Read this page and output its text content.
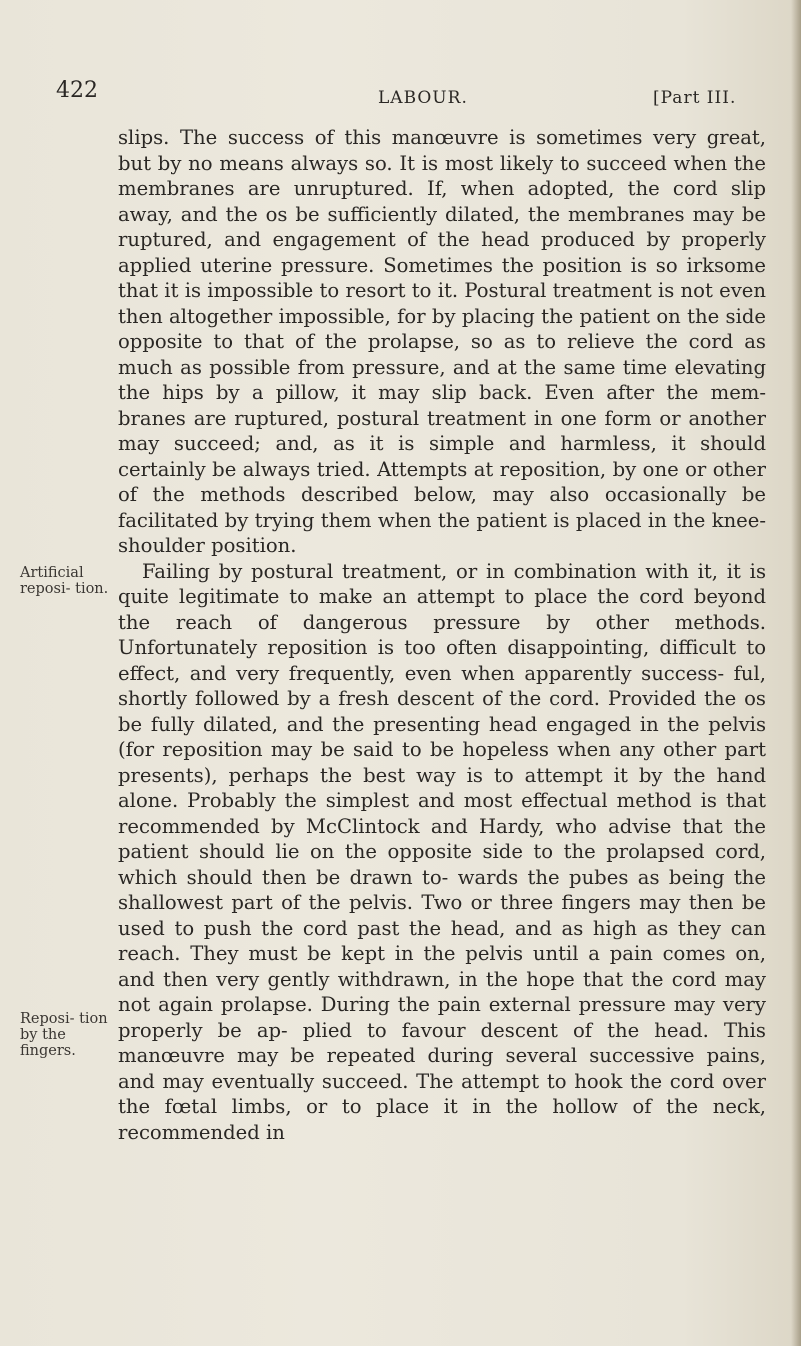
422	LABOUR.	[Part III.
Artificial reposi- tion.
Reposi- tion by the fingers.

slips. The success of this manœuvre is sometimes very great, but by no means always so. It is most likely to succeed when the membranes are unruptured. If, when adopted, the cord slip away, and the os be sufficiently dilated, the membranes may be ruptured, and engagement of the head produced by properly applied uterine pressure. Sometimes the position is so irksome that it is impossible to resort to it. Postural treatment is not even then altogether impossible, for by placing the patient on the side opposite to that of the prolapse, so as to relieve the cord as much as possible from pressure, and at the same time elevating the hips by a pillow, it may slip back. Even after the mem- branes are ruptured, postural treatment in one form or another may succeed; and, as it is simple and harmless, it should certainly be always tried. Attempts at reposition, by one or other of the methods described below, may also occasionally be facilitated by trying them when the patient is placed in the knee-shoulder position.

Failing by postural treatment, or in combination with it, it is quite legitimate to make an attempt to place the cord beyond the reach of dangerous pressure by other methods. Unfortunately reposition is too often disappointing, difficult to effect, and very frequently, even when apparently success- ful, shortly followed by a fresh descent of the cord. Provided the os be fully dilated, and the presenting head engaged in the pelvis (for reposition may be said to be hopeless when any other part presents), perhaps the best way is to attempt it by the hand alone. Probably the simplest and most effectual method is that recommended by McClintock and Hardy, who advise that the patient should lie on the opposite side to the prolapsed cord, which should then be drawn to- wards the pubes as being the shallowest part of the pelvis. Two or three fingers may then be used to push the cord past the head, and as high as they can reach. They must be kept in the pelvis until a pain comes on, and then very gently withdrawn, in the hope that the cord may not again prolapse. During the pain external pressure may very properly be ap- plied to favour descent of the head. This manœuvre may be repeated during several successive pains, and may eventually succeed. The attempt to hook the cord over the fœtal limbs, or to place it in the hollow of the neck, recommended in
